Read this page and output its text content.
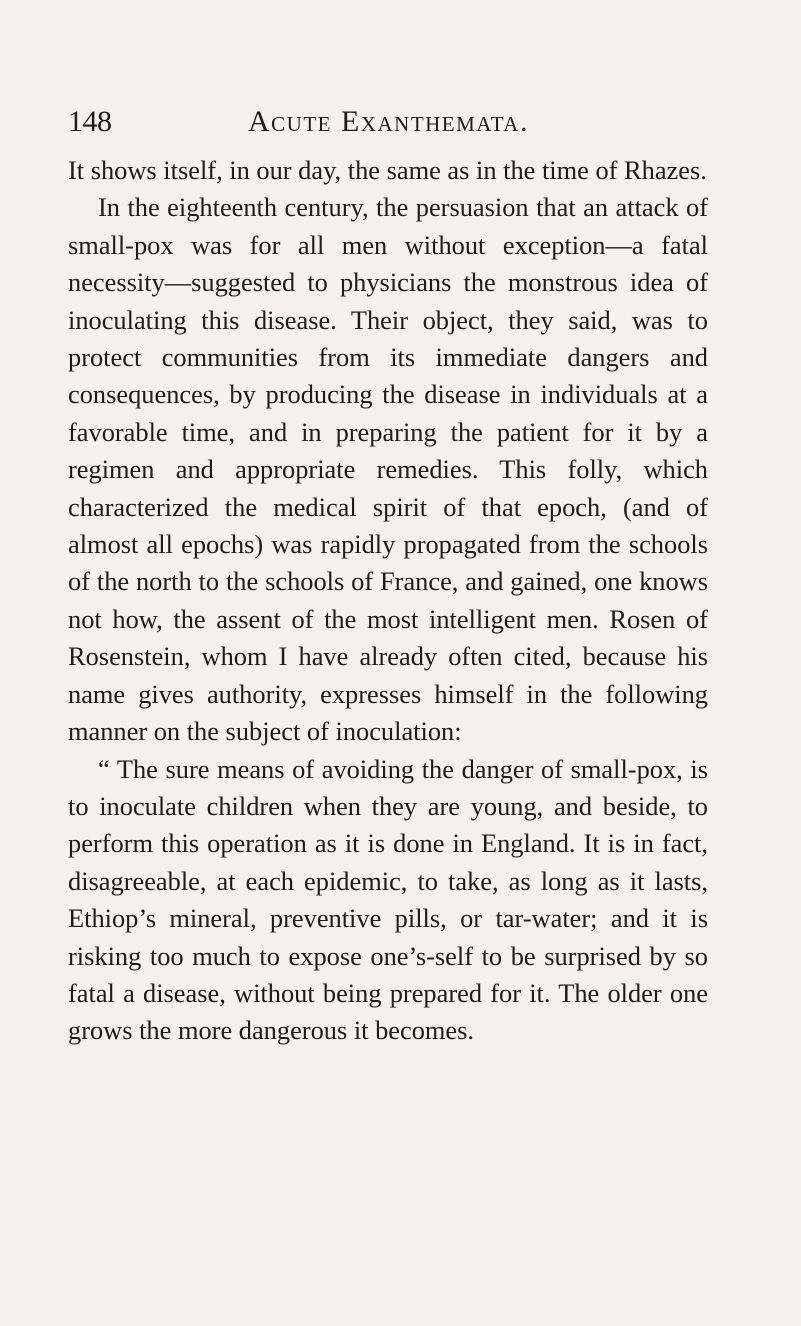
148	Acute Exanthemata.

It shows itself, in our day, the same as in the time of Rhazes.

In the eighteenth century, the persuasion that an attack of small-pox was for all men without exception—a fatal necessity—suggested to physicians the monstrous idea of inoculating this disease. Their object, they said, was to protect communities from its immediate dangers and consequences, by producing the disease in individuals at a favorable time, and in preparing the patient for it by a regimen and appropriate remedies. This folly, which characterized the medical spirit of that epoch, (and of almost all epochs) was rapidly propagated from the schools of the north to the schools of France, and gained, one knows not how, the assent of the most intelligent men. Rosen of Rosenstein, whom I have already often cited, because his name gives authority, expresses himself in the following manner on the subject of inoculation:

“ The sure means of avoiding the danger of small-pox, is to inoculate children when they are young, and beside, to perform this operation as it is done in England. It is in fact, disagreeable, at each epidemic, to take, as long as it lasts, Ethiop’s mineral, preventive pills, or tar-water; and it is risking too much to expose one’s-self to be surprised by so fatal a disease, without being prepared for it. The older one grows the more dangerous it becomes.
